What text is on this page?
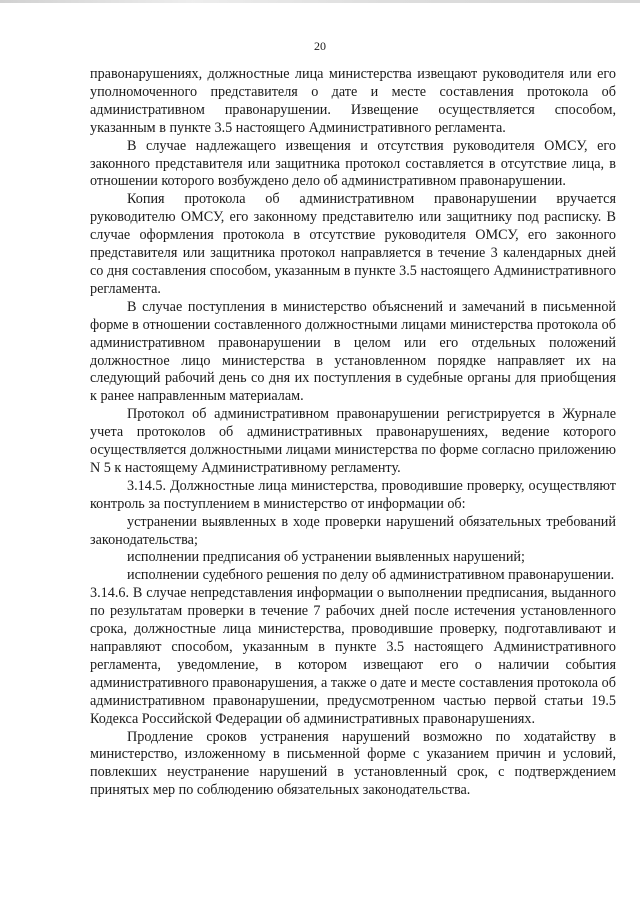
20

правонарушениях, должностные лица министерства извещают руководителя или его уполномоченного представителя о дате и месте составления протокола об административном правонарушении. Извещение осуществляется способом, указанным в пункте 3.5 настоящего Административного регламента.

В случае надлежащего извещения и отсутствия руководителя ОМСУ, его законного представителя или защитника протокол составляется в отсутствие лица, в отношении которого возбуждено дело об административном правонарушении.

Копия протокола об административном правонарушении вручается руководителю ОМСУ, его законному представителю или защитнику под расписку. В случае оформления протокола в отсутствие руководителя ОМСУ, его законного представителя или защитника протокол направляется в течение 3 календарных дней со дня составления способом, указанным в пункте 3.5 настоящего Административного регламента.

В случае поступления в министерство объяснений и замечаний в письменной форме в отношении составленного должностными лицами министерства протокола об административном правонарушении в целом или его отдельных положений должностное лицо министерства в установленном порядке направляет их на следующий рабочий день со дня их поступления в судебные органы для приобщения к ранее направленным материалам.

Протокол об административном правонарушении регистрируется в Журнале учета протоколов об административных правонарушениях, ведение которого осуществляется должностными лицами министерства по форме согласно приложению N 5 к настоящему Административному регламенту.

3.14.5. Должностные лица министерства, проводившие проверку, осуществляют контроль за поступлением в министерство от информации об:

устранении выявленных в ходе проверки нарушений обязательных требований законодательства;

исполнении предписания об устранении выявленных нарушений;

исполнении судебного решения по делу об административном правонарушении.

3.14.6. В случае непредставления информации о выполнении предписания, выданного по результатам проверки в течение 7 рабочих дней после истечения установленного срока, должностные лица министерства, проводившие проверку, подготавливают и направляют способом, указанным в пункте 3.5 настоящего Административного регламента, уведомление, в котором извещают его о наличии события административного правонарушения, а также о дате и месте составления протокола об административном правонарушении, предусмотренном частью первой статьи 19.5 Кодекса Российской Федерации об административных правонарушениях.

Продление сроков устранения нарушений возможно по ходатайству в министерство, изложенному в письменной форме с указанием причин и условий, повлекших неустранение нарушений в установленный срок, с подтверждением принятых мер по соблюдению обязательных законодательства.
